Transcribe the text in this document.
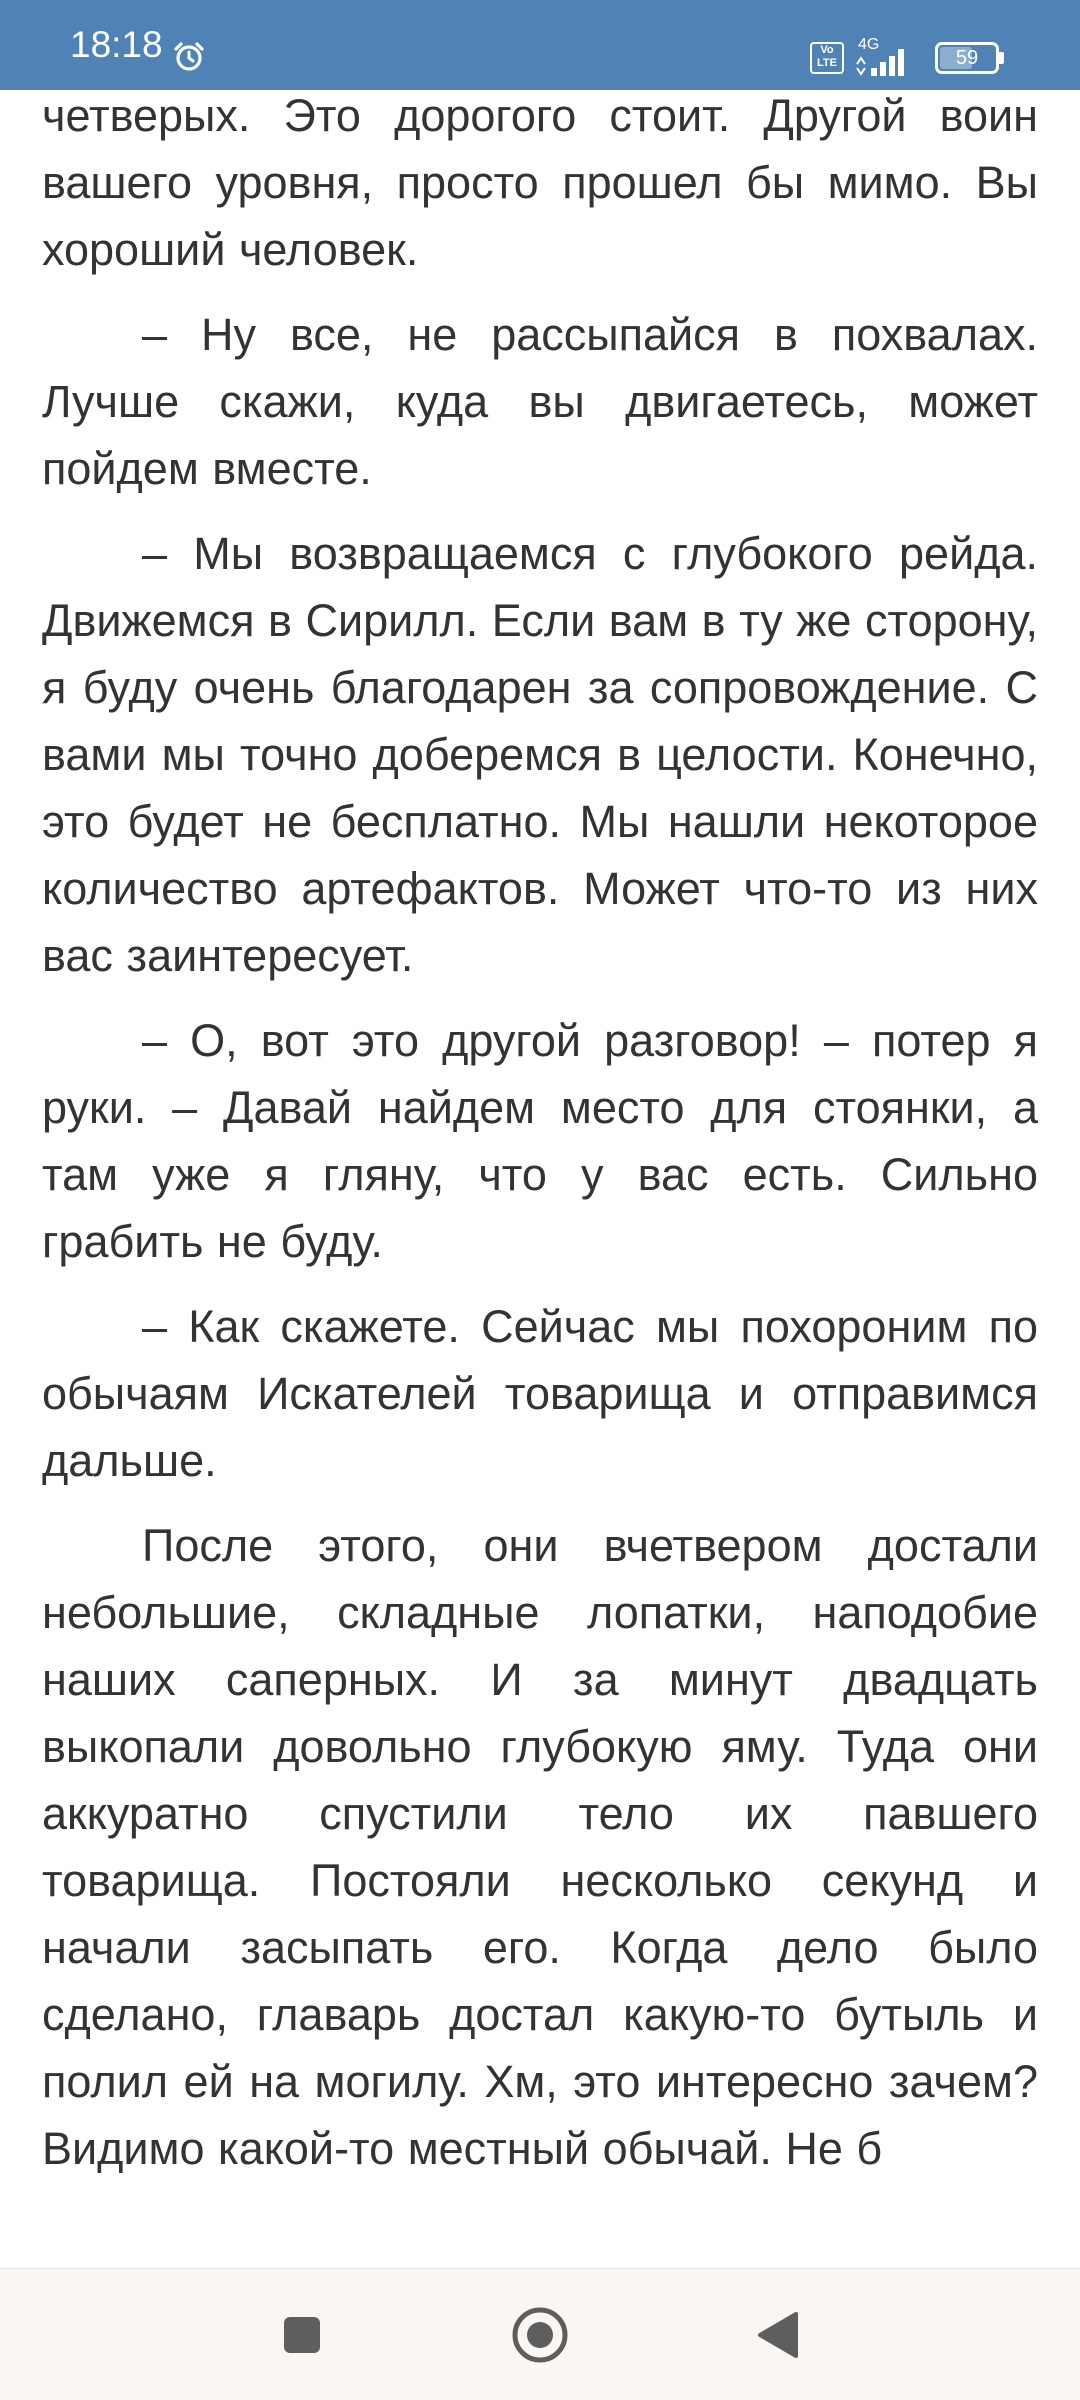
четверых. Это дорогого стоит. Другой воин вашего уровня, просто прошел бы мимо. Вы хороший человек.

– Ну все, не рассыпайся в похвалах. Лучше скажи, куда вы двигаетесь, может пойдем вместе.

– Мы возвращаемся с глубокого рейда. Движемся в Сирилл. Если вам в ту же сторону, я буду очень благодарен за сопровождение. С вами мы точно доберемся в целости. Конечно, это будет не бесплатно. Мы нашли некоторое количество артефактов. Может что-то из них вас заинтересует.

– О, вот это другой разговор! – потер я руки. – Давай найдем место для стоянки, а там уже я гляну, что у вас есть. Сильно грабить не буду.

– Как скажете. Сейчас мы похороним по обычаям Искателей товарища и отправимся дальше.

После этого, они вчетвером достали небольшие, складные лопатки, наподобие наших саперных. И за минут двадцать выкопали довольно глубокую яму. Туда они аккуратно спустили тело их павшего товарища. Постояли несколько секунд и начали засыпать его. Когда дело было сделано, главарь достал какую-то бутыль и полил ей на могилу. Хм, это интересно зачем? Видимо какой-то местный обычай. Не б

18:18	Vo
LTE
4G
59
